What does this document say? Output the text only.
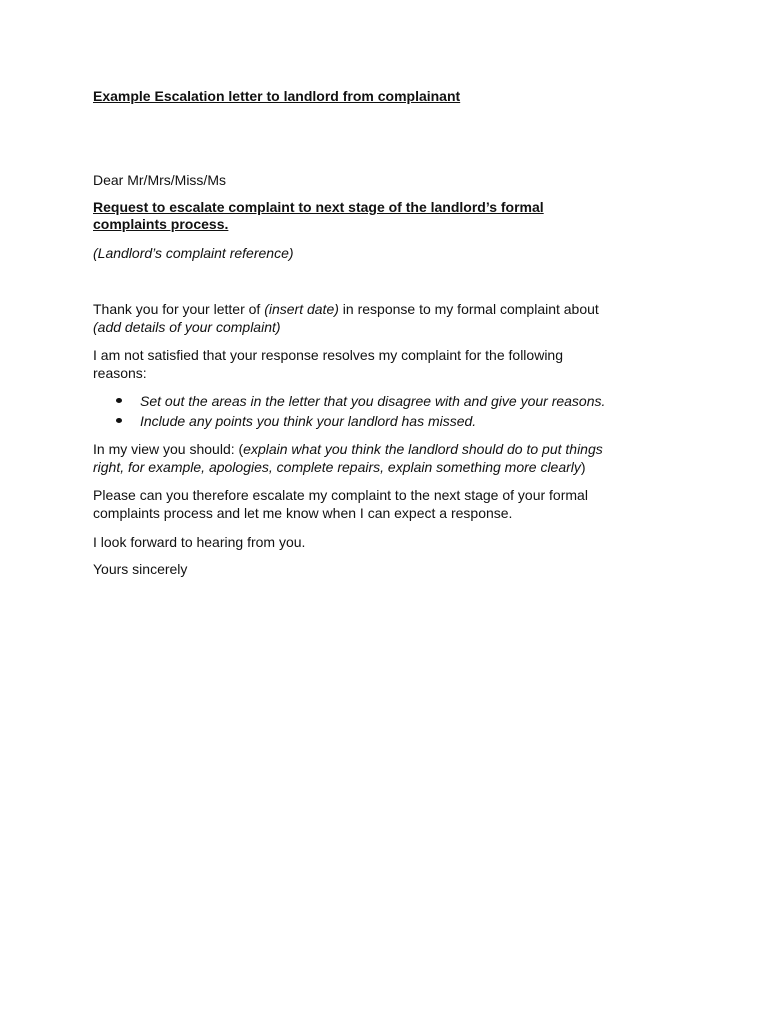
Example Escalation letter to landlord from complainant
Dear Mr/Mrs/Miss/Ms
Request to escalate complaint to next stage of the landlord’s formal
complaints process.
(Landlord’s complaint reference)
Thank you for your letter of (insert date) in response to my formal complaint about
(add details of your complaint)
I am not satisfied that your response resolves my complaint for the following
reasons:
Set out the areas in the letter that you disagree with and give your reasons.
Include any points you think your landlord has missed.
In my view you should: (explain what you think the landlord should do to put things
right, for example, apologies, complete repairs, explain something more clearly)
Please can you therefore escalate my complaint to the next stage of your formal
complaints process and let me know when I can expect a response.
I look forward to hearing from you.
Yours sincerely
